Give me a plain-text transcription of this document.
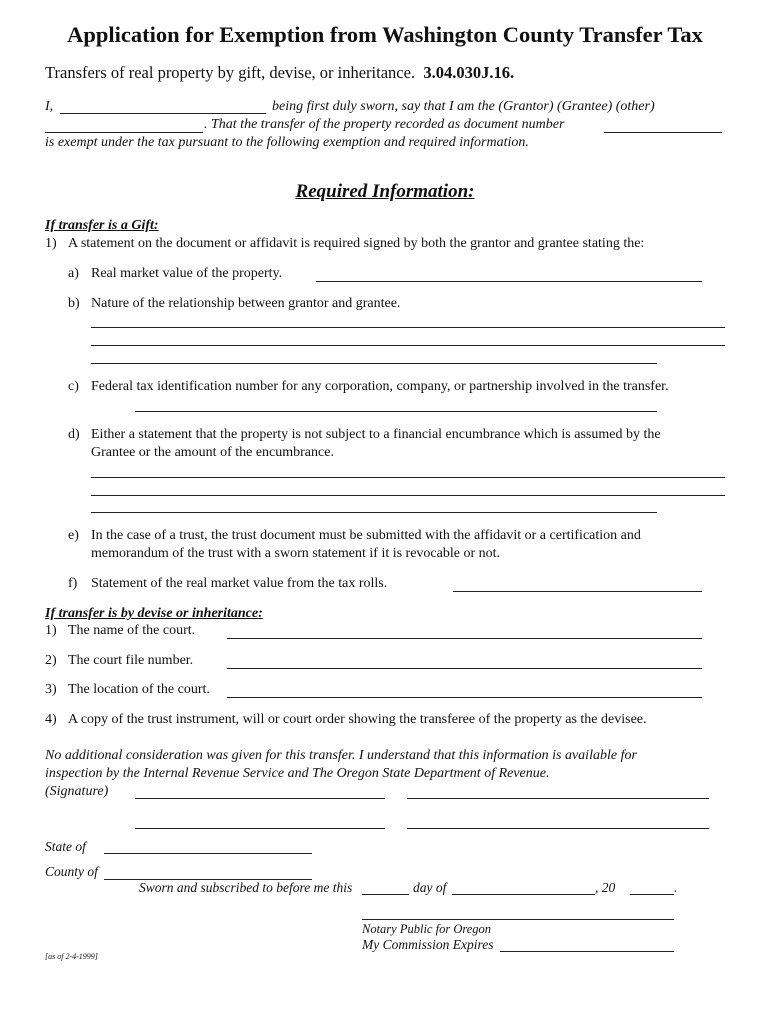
Application for Exemption from Washington County Transfer Tax
Transfers of real property by gift, devise, or inheritance. 3.04.030J.16.
I,	being first duly sworn, say that I am the (Grantor) (Grantee) (other)
. That the transfer of the property recorded as document number
is exempt under the tax pursuant to the following exemption and required information.
Required Information:
If transfer is a Gift:
1) A statement on the document or affidavit is required signed by both the grantor and grantee stating the:
a) Real market value of the property.
b) Nature of the relationship between grantor and grantee.
c) Federal tax identification number for any corporation, company, or partnership involved in the transfer.
d) Either a statement that the property is not subject to a financial encumbrance which is assumed by the
Grantee or the amount of the encumbrance.
e) In the case of a trust, the trust document must be submitted with the affidavit or a certification and
memorandum of the trust with a sworn statement if it is revocable or not.
f) Statement of the real market value from the tax rolls.
If transfer is by devise or inheritance:
1) The name of the court.
2) The court file number.
3) The location of the court.
4) A copy of the trust instrument, will or court order showing the transferee of the property as the devisee.
No additional consideration was given for this transfer. I understand that this information is available for
inspection by the Internal Revenue Service and The Oregon State Department of Revenue.
(Signature)
State of
County of
Sworn and subscribed to before me this	day of	, 20	.
Notary Public for Oregon
My Commission Expires
[as of 2-4-1999]
